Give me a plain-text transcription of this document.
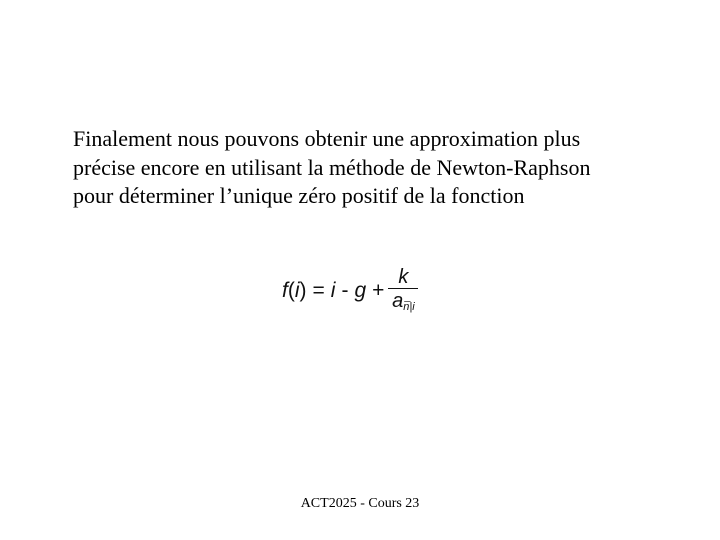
Finalement nous pouvons obtenir une approximation plus
précise encore en utilisant la méthode de Newton-Raphson
pour déterminer l’unique zéro positif de la fonction
f ( i ) = $i - g + \frac{k}{a_{n̅|i}}$
ACT2025 - Cours 23
